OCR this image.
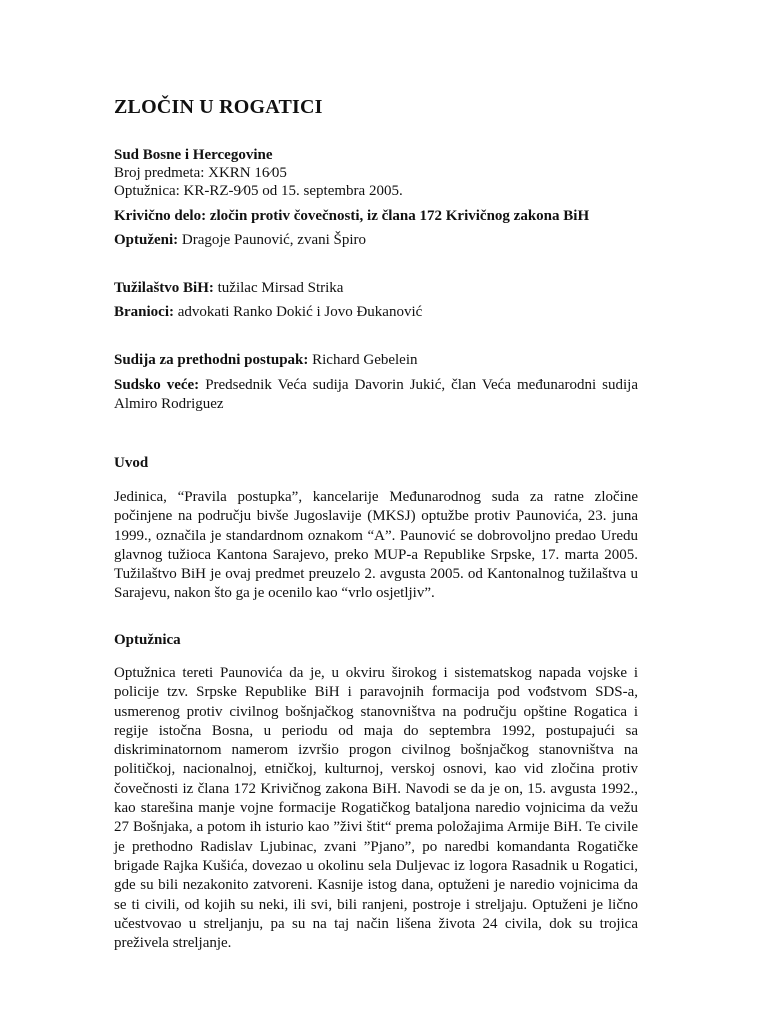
ZLOČIN U ROGATICI
Sud Bosne i Hercegovine
Broj predmeta: XKRN 16⁄05
Optužnica: KR-RZ-9⁄05 od 15. septembra 2005.
Krivično delo: zločin protiv čovečnosti, iz člana 172 Krivičnog zakona BiH
Optuženi: Dragoje Paunović, zvani Špiro
Tužilaštvo BiH: tužilac Mirsad Strika
Branioci: advokati Ranko Dokić i Jovo Đukanović
Sudija za prethodni postupak: Richard Gebelein
Sudsko veće: Predsednik Veća sudija Davorin Jukić, član Veća međunarodni sudija Almiro Rodriguez
Uvod
Jedinica, “Pravila postupka”, kancelarije Međunarodnog suda za ratne zločine počinjene na području bivše Jugoslavije (MKSJ) optužbe protiv Paunovića, 23. juna 1999., označila je standardnom oznakom “A”. Paunović se dobrovoljno predao Uredu glavnog tužioca Kantona Sarajevo, preko MUP-a Republike Srpske, 17. marta 2005. Tužilaštvo BiH je ovaj predmet preuzelo 2. avgusta 2005. od Kantonalnog tužilaštva u Sarajevu, nakon što ga je ocenilo kao “vrlo osjetljiv”.
Optužnica
Optužnica tereti Paunovića da je, u okviru širokog i sistematskog napada vojske i policije tzv. Srpske Republike BiH i paravojnih formacija pod vođstvom SDS-a, usmerenog protiv civilnog bošnjačkog stanovništva na području opštine Rogatica i regije istočna Bosna, u periodu od maja do septembra 1992, postupajući sa diskriminatornom namerom izvršio progon civilnog bošnjačkog stanovništva na političkoj, nacionalnoj, etničkoj, kulturnoj, verskoj osnovi, kao vid zločina protiv čovečnosti iz člana 172 Krivičnog zakona BiH. Navodi se da je on, 15. avgusta 1992., kao starešina manje vojne formacije Rogatičkog bataljona naredio vojnicima da vežu 27 Bošnjaka, a potom ih isturio kao ”živi štit“ prema položajima Armije BiH. Te civile je prethodno Radislav Ljubinac, zvani ”Pjano”, po naredbi komandanta Rogatičke brigade Rajka Kušića, dovezao u okolinu sela Duljevac iz logora Rasadnik u Rogatici, gde su bili nezakonito zatvoreni. Kasnije istog dana, optuženi je naredio vojnicima da se ti civili, od kojih su neki, ili svi, bili ranjeni, postroje i streljaju. Optuženi je lično učestvovao u streljanju, pa su na taj način lišena života 24 civila, dok su trojica preživela streljanje.
